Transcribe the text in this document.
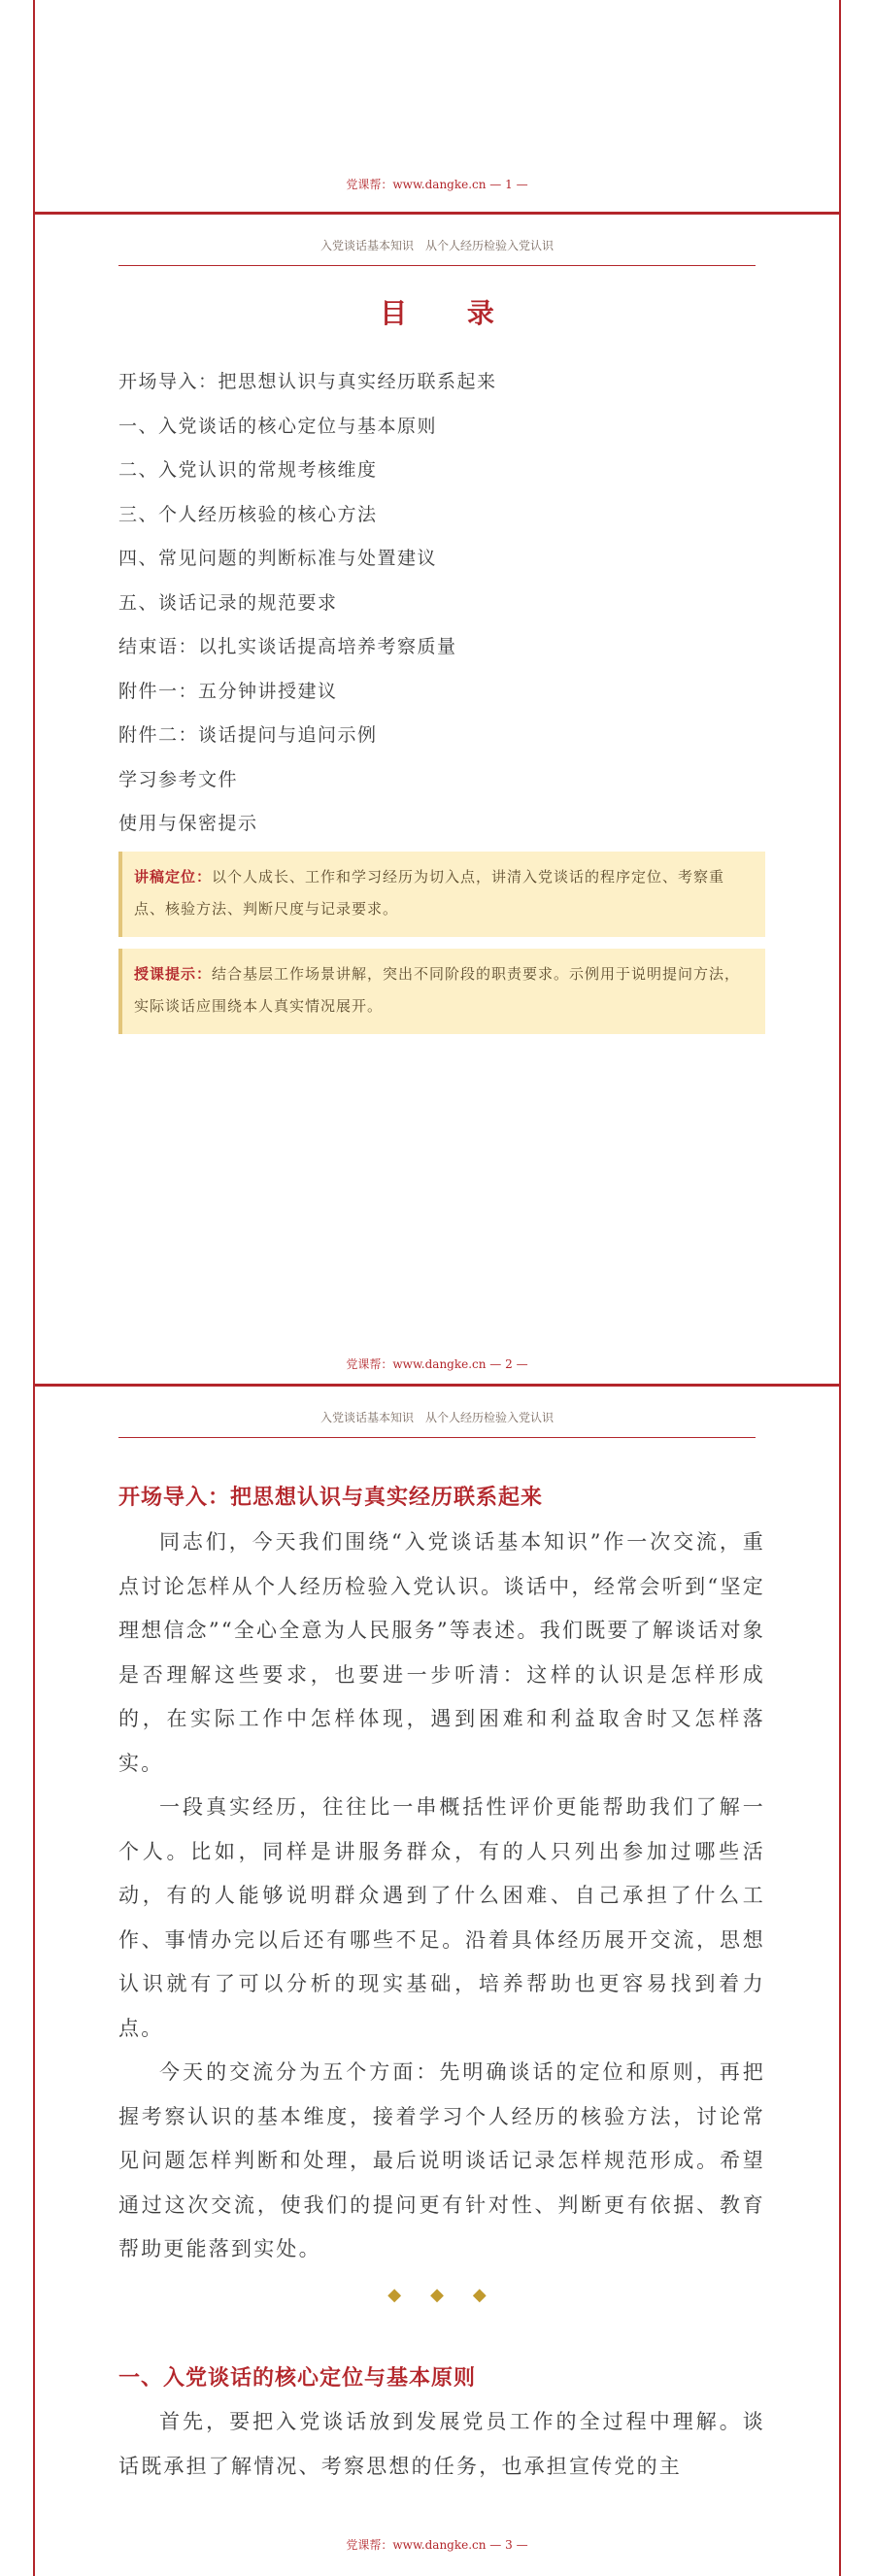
党课帮：www.dangke.cn — 1 —
入党谈话基本知识　从个人经历检验入党认识
目 录
开场导入：把思想认识与真实经历联系起来
一、入党谈话的核心定位与基本原则
二、入党认识的常规考核维度
三、个人经历核验的核心方法
四、常见问题的判断标准与处置建议
五、谈话记录的规范要求
结束语：以扎实谈话提高培养考察质量
附件一：五分钟讲授建议
附件二：谈话提问与追问示例
学习参考文件
使用与保密提示
讲稿定位：以个人成长、工作和学习经历为切入点，讲清入党谈话的程序定位、考察重点、核验方法、判断尺度与记录要求。
授课提示：结合基层工作场景讲解，突出不同阶段的职责要求。示例用于说明提问方法，实际谈话应围绕本人真实情况展开。
党课帮：www.dangke.cn — 2 —
入党谈话基本知识　从个人经历检验入党认识
开场导入：把思想认识与真实经历联系起来

同志们，今天我们围绕“入党谈话基本知识”作一次交流，重点讨论怎样从个人经历检验入党认识。谈话中，经常会听到“坚定理想信念”“全心全意为人民服务”等表述。我们既要了解谈话对象是否理解这些要求，也要进一步听清：这样的认识是怎样形成的，在实际工作中怎样体现，遇到困难和利益取舍时又怎样落实。

一段真实经历，往往比一串概括性评价更能帮助我们了解一个人。比如，同样是讲服务群众，有的人只列出参加过哪些活动，有的人能够说明群众遇到了什么困难、自己承担了什么工作、事情办完以后还有哪些不足。沿着具体经历展开交流，思想认识就有了可以分析的现实基础，培养帮助也更容易找到着力点。

今天的交流分为五个方面：先明确谈话的定位和原则，再把握考察认识的基本维度，接着学习个人经历的核验方法，讨论常见问题怎样判断和处理，最后说明谈话记录怎样规范形成。希望通过这次交流，使我们的提问更有针对性、判断更有依据、教育帮助更能落到实处。

◆◆◆
一、入党谈话的核心定位与基本原则

首先，要把入党谈话放到发展党员工作的全过程中理解。谈话既承担了解情况、考察思想的任务，也承担宣传党的主

党课帮：www.dangke.cn — 3 —
